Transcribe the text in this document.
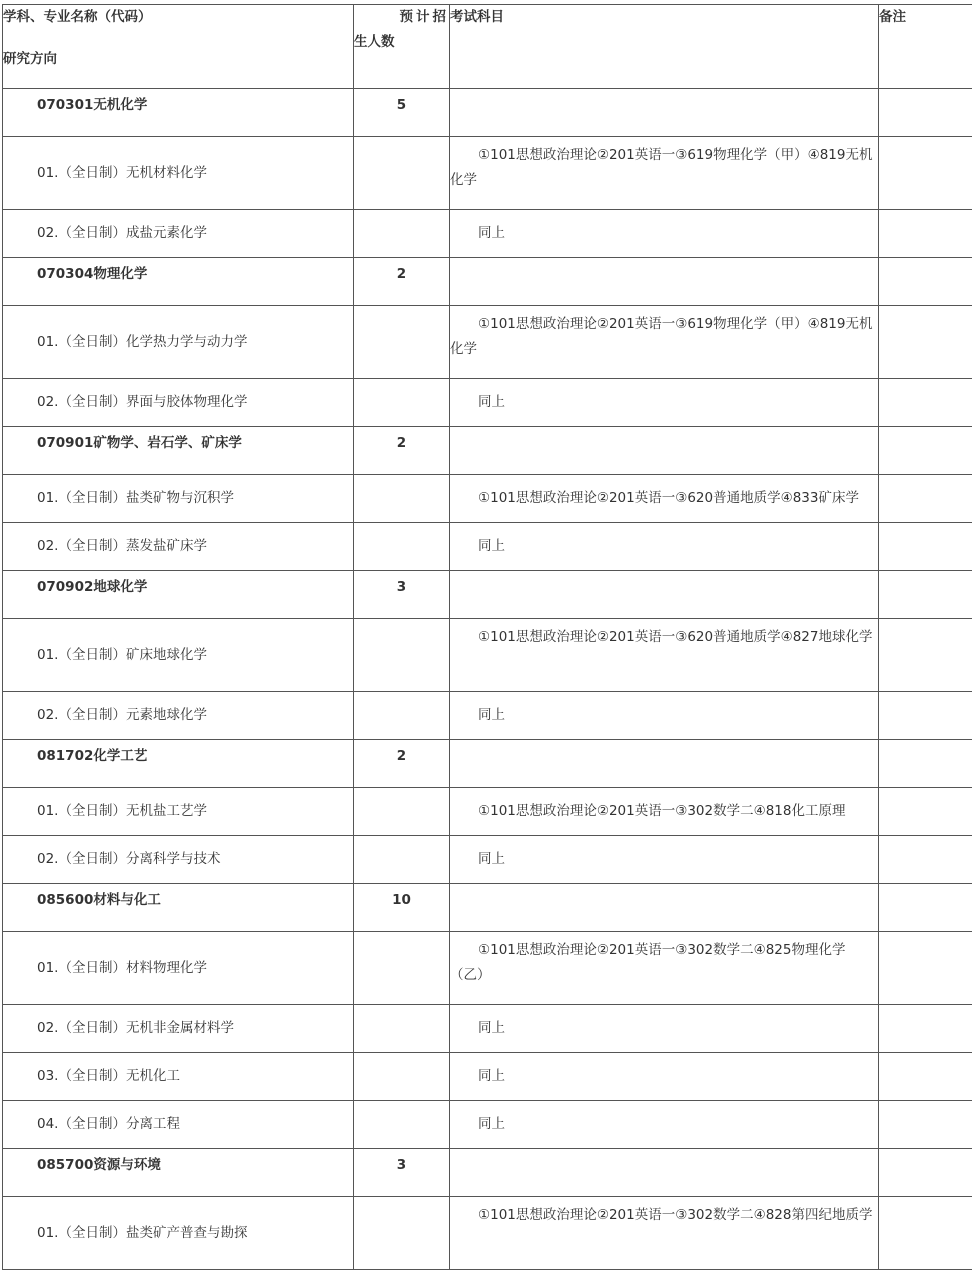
学科、专业名称（代码）
研究方向	预计招
生人数	考试科目	备注
070301无机化学	5		
01.（全日制）无机材料化学		①101思想政治理论②201英语一③619物理化学（甲）④819无机化学	
02.（全日制）成盐元素化学		同上	
070304物理化学	2		
01.（全日制）化学热力学与动力学		①101思想政治理论②201英语一③619物理化学（甲）④819无机化学	
02.（全日制）界面与胶体物理化学		同上	
070901矿物学、岩石学、矿床学	2		
01.（全日制）盐类矿物与沉积学		①101思想政治理论②201英语一③620普通地质学④833矿床学	
02.（全日制）蒸发盐矿床学		同上	
070902地球化学	3		
01.（全日制）矿床地球化学		①101思想政治理论②201英语一③620普通地质学④827地球化学	
02.（全日制）元素地球化学		同上	
081702化学工艺	2		
01.（全日制）无机盐工艺学		①101思想政治理论②201英语一③302数学二④818化工原理	
02.（全日制）分离科学与技术		同上	
085600材料与化工	10		
01.（全日制）材料物理化学		①101思想政治理论②201英语一③302数学二④825物理化学（乙）	
02.（全日制）无机非金属材料学		同上	
03.（全日制）无机化工		同上	
04.（全日制）分离工程		同上	
085700资源与环境	3		
01.（全日制）盐类矿产普查与勘探		①101思想政治理论②201英语一③302数学二④828第四纪地质学	
